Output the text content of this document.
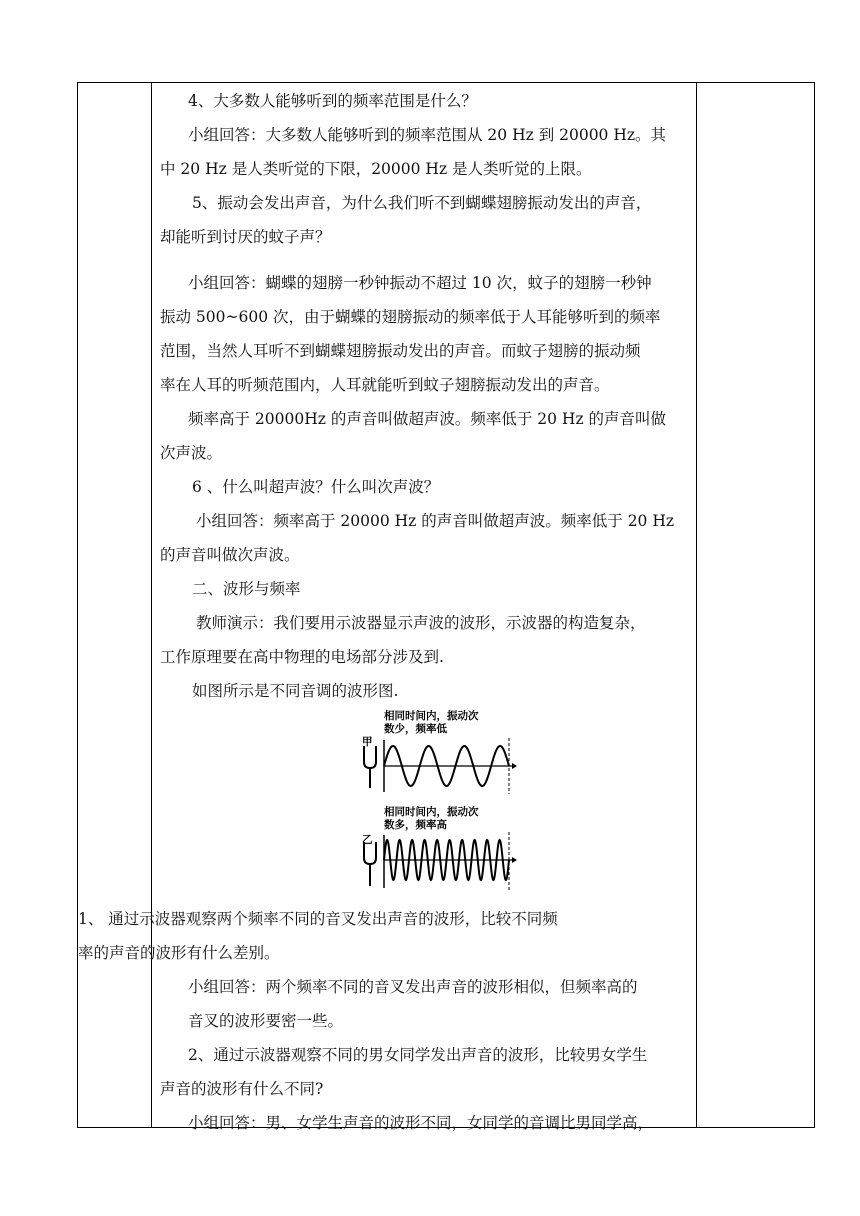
4、大多数人能够听到的频率范围是什么？

小组回答：大多数人能够听到的频率范围从 20 Hz 到 20000 Hz。其

中 20 Hz 是人类听觉的下限，20000 Hz 是人类听觉的上限。

5、振动会发出声音，为什么我们听不到蝴蝶翅膀振动发出的声音，

却能听到讨厌的蚊子声？

小组回答：蝴蝶的翅膀一秒钟振动不超过 10 次，蚊子的翅膀一秒钟

振动 500~600 次，由于蝴蝶的翅膀振动的频率低于人耳能够听到的频率

范围，当然人耳听不到蝴蝶翅膀振动发出的声音。而蚊子翅膀的振动频

率在人耳的听频范围内，人耳就能听到蚊子翅膀振动发出的声音。

频率高于 20000Hz 的声音叫做超声波。频率低于 20 Hz 的声音叫做

次声波。

6 、什么叫超声波？什么叫次声波？

小组回答：频率高于 20000 Hz 的声音叫做超声波。频率低于 20 Hz

的声音叫做次声波。

二、波形与频率

教师演示：我们要用示波器显示声波的波形，示波器的构造复杂，

工作原理要在高中物理的电场部分涉及到.

如图所示是不同音调的波形图.

相同时间内，振动次
数少，频率低
相同时间内，振动次
数多，频率高
甲
乙

1、 通过示波器观察两个频率不同的音叉发出声音的波形，比较不同频

率的声音的波形有什么差别。

小组回答：两个频率不同的音叉发出声音的波形相似，但频率高的

音叉的波形要密一些。

2、通过示波器观察不同的男女同学发出声音的波形，比较男女学生

声音的波形有什么不同?

小组回答：男、女学生声音的波形不同，女同学的音调比男同学高，
